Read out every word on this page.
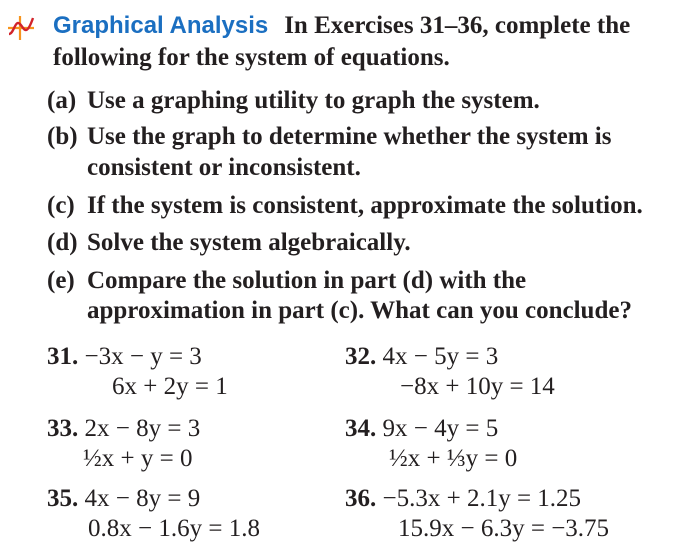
Graphical Analysis In Exercises 31–36, complete the
following for the system of equations.
(a) Use a graphing utility to graph the system.
(b) Use the graph to determine whether the system is
consistent or inconsistent.
(c) If the system is consistent, approximate the solution.
(d) Solve the system algebraically.
(e) Compare the solution in part (d) with the
approximation in part (c). What can you conclude?
31. −3x − y = 3
6x + 2y = 1
32. 4x − 5y = 3
−8x + 10y = 14
33. 2x − 8y = 3
½x + y = 0
34. 9x − 4y = 5
½x + ⅓y = 0
35. 4x − 8y = 9
0.8x − 1.6y = 1.8
36. −5.3x + 2.1y = 1.25
15.9x − 6.3y = −3.75
